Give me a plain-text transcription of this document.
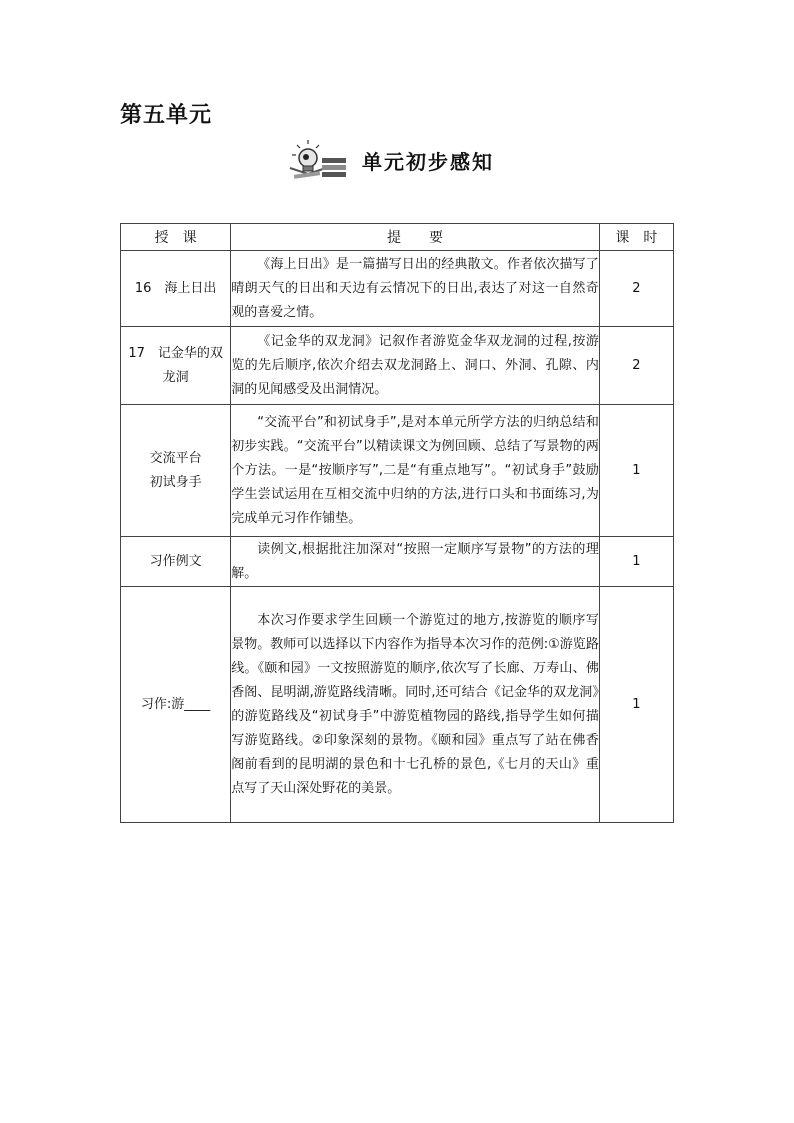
第五单元
单元初步感知
授　课	提　　要	课　时
16　海上日出	《海上日出》是一篇描写日出的经典散文。作者依次描写了晴朗天气的日出和天边有云情况下的日出,表达了对这一自然奇观的喜爱之情。	2
17　记金华的双
龙洞	《记金华的双龙洞》记叙作者游览金华双龙洞的过程,按游览的先后顺序,依次介绍去双龙洞路上、洞口、外洞、孔隙、内洞的见闻感受及出洞情况。	2
交流平台
初试身手	“交流平台”和初试身手”,是对本单元所学方法的归纳总结和初步实践。“交流平台”以精读课文为例回顾、总结了写景物的两个方法。一是“按顺序写”,二是“有重点地写”。“初试身手”鼓励学生尝试运用在互相交流中归纳的方法,进行口头和书面练习,为完成单元习作作铺垫。	1
习作例文	读例文,根据批注加深对“按照一定顺序写景物”的方法的理解。	1
习作:游____	本次习作要求学生回顾一个游览过的地方,按游览的顺序写景物。教师可以选择以下内容作为指导本次习作的范例:①游览路线。《颐和园》一文按照游览的顺序,依次写了长廊、万寿山、佛香阁、昆明湖,游览路线清晰。同时,还可结合《记金华的双龙洞》的游览路线及“初试身手”中游览植物园的路线,指导学生如何描写游览路线。②印象深刻的景物。《颐和园》重点写了站在佛香阁前看到的昆明湖的景色和十七孔桥的景色,《七月的天山》重点写了天山深处野花的美景。	1
